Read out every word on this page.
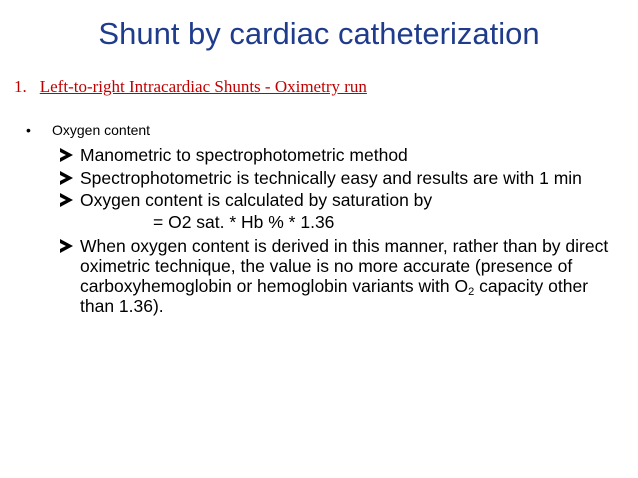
Shunt by cardiac catheterization
1. Left-to-right Intracardiac Shunts - Oximetry run
• Oxygen content
Manometric to spectrophotometric method
Spectrophotometric is technically easy and results are with 1 min
Oxygen content is calculated by saturation by
= O2 sat. * Hb % * 1.36
When oxygen content is derived in this manner, rather than by direct oximetric technique, the value is no more accurate (presence of carboxyhemoglobin or hemoglobin variants with $O_2$ capacity other than 1.36).
